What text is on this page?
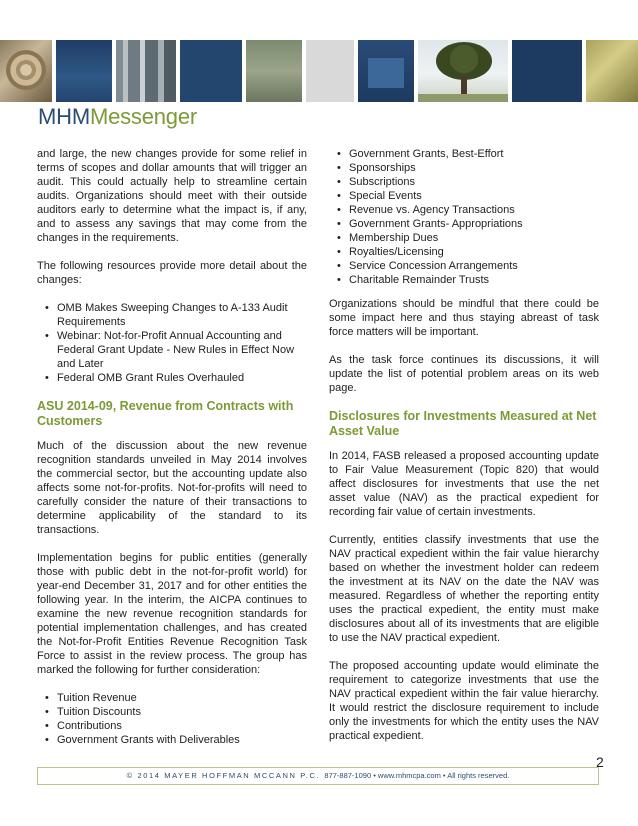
MHMMessenger

and large, the new changes provide for some relief in terms of scopes and dollar amounts that will trigger an audit. This could actually help to streamline certain audits. Organizations should meet with their outside auditors early to determine what the impact is, if any, and to assess any savings that may come from the changes in the requirements.

The following resources provide more detail about the changes:

• OMB Makes Sweeping Changes to A-133 Audit Requirements
• Webinar: Not-for-Profit Annual Accounting and Federal Grant Update - New Rules in Effect Now and Later
• Federal OMB Grant Rules Overhauled
ASU 2014-09, Revenue from Contracts with Customers

Much of the discussion about the new revenue recognition standards unveiled in May 2014 involves the commercial sector, but the accounting update also affects some not-for-profits. Not-for-profits will need to carefully consider the nature of their transactions to determine applicability of the standard to its transactions.

Implementation begins for public entities (generally those with public debt in the not-for-profit world) for year-end December 31, 2017 and for other entities the following year. In the interim, the AICPA continues to examine the new revenue recognition standards for potential implementation challenges, and has created the Not-for-Profit Entities Revenue Recognition Task Force to assist in the review process. The group has marked the following for further consideration:

• Tuition Revenue
• Tuition Discounts
• Contributions
• Government Grants with Deliverables
• Government Grants, Best-Effort
• Sponsorships
• Subscriptions
• Special Events
• Revenue vs. Agency Transactions
• Government Grants- Appropriations
• Membership Dues
• Royalties/Licensing
• Service Concession Arrangements
• Charitable Remainder Trusts

Organizations should be mindful that there could be some impact here and thus staying abreast of task force matters will be important.

As the task force continues its discussions, it will update the list of potential problem areas on its web page.

Disclosures for Investments Measured at Net Asset Value

In 2014, FASB released a proposed accounting update to Fair Value Measurement (Topic 820) that would affect disclosures for investments that use the net asset value (NAV) as the practical expedient for recording fair value of certain investments.

Currently, entities classify investments that use the NAV practical expedient within the fair value hierarchy based on whether the investment holder can redeem the investment at its NAV on the date the NAV was measured. Regardless of whether the reporting entity uses the practical expedient, the entity must make disclosures about all of its investments that are eligible to use the NAV practical expedient.

The proposed accounting update would eliminate the requirement to categorize investments that use the NAV practical expedient within the fair value hierarchy. It would restrict the disclosure requirement to include only the investments for which the entity uses the NAV practical expedient.

2
© 2014 MAYER HOFFMAN MCCANN P.C. 877-887-1090 • www.mhmcpa.com • All rights reserved.
